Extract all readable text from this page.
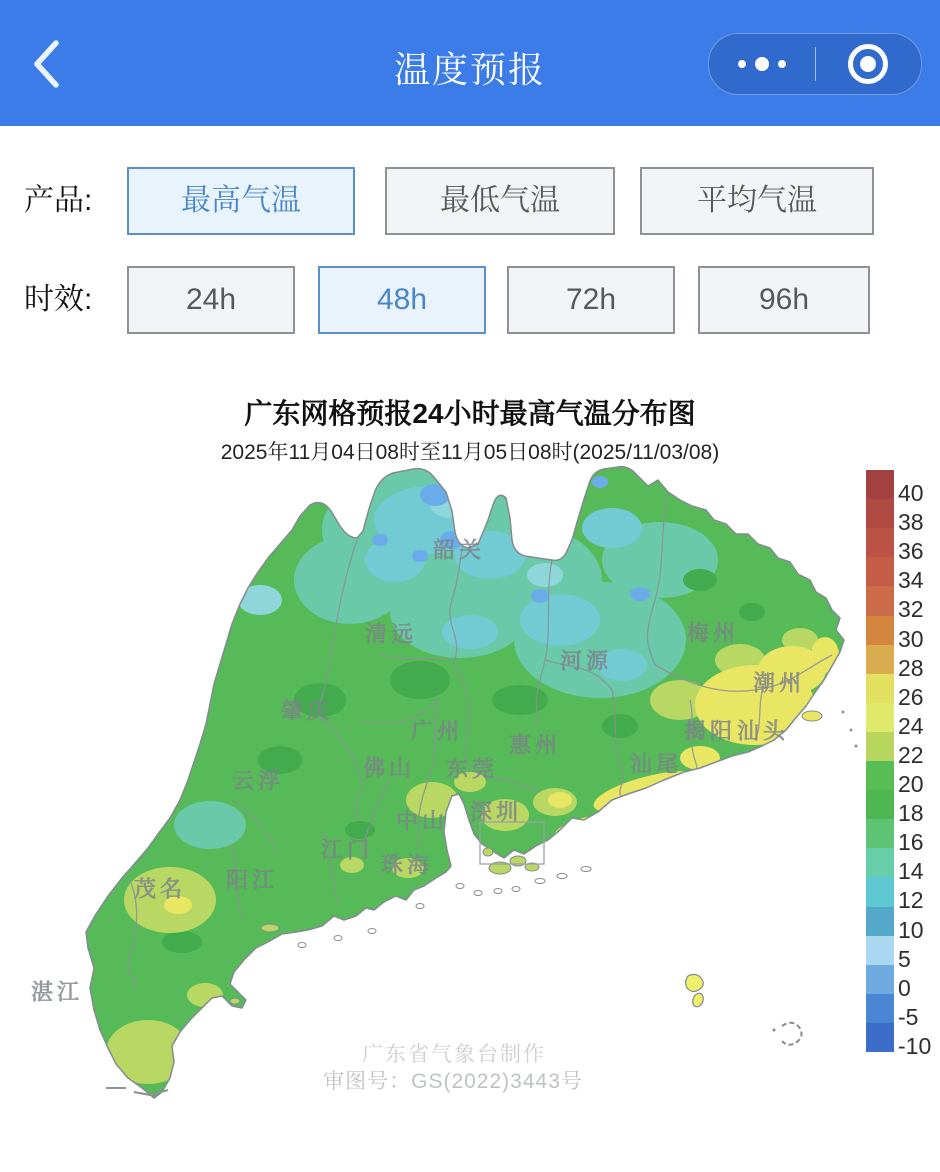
温度预报
产品:	最高气温	最低气温	平均气温
时效:	24h	48h	72h	96h
广东网格预报24小时最高气温分布图
2025年11月04日08时至11月05日08时(2025/11/03/08)
韶关
清远
河源
梅州
潮州
揭阳 汕头
汕尾
惠州
广州
东莞
深圳
中山
珠海
江门
佛山
肇庆
云浮
阳江
茂名
湛江
40
38
36
34
32
30
28
26
24
22
20
18
16
14
12
10
5
0
-5
-10
广东省气象台制作
审图号：GS(2022)3443号
